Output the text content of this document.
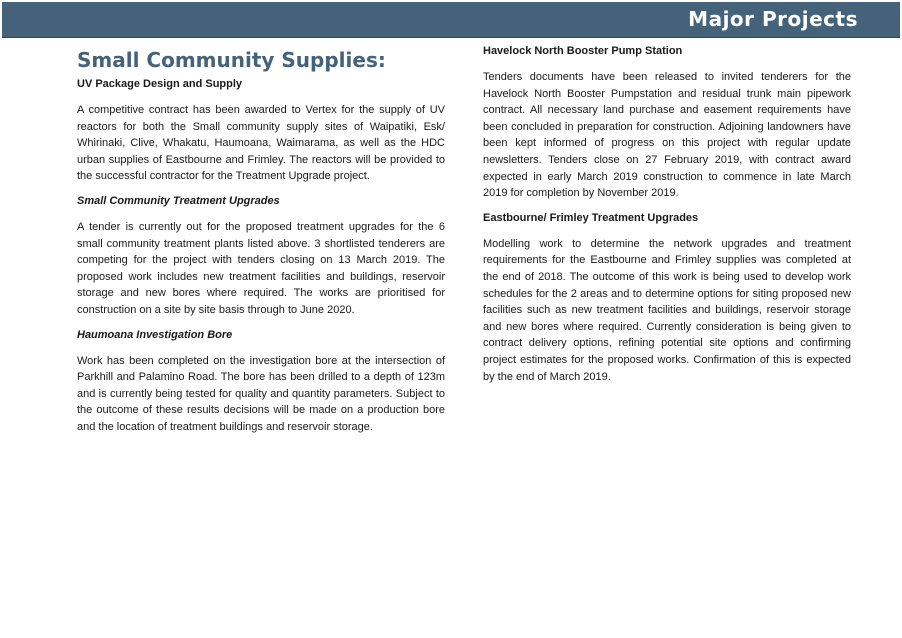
Major Projects
Small Community Supplies:
UV Package Design and Supply
A competitive contract has been awarded to Vertex for the supply of UV reactors for both the Small community supply sites of Waipatiki, Esk/ Whirinaki, Clive, Whakatu, Haumoana, Waimarama, as well as the HDC urban supplies of Eastbourne and Frimley. The reactors will be provided to the successful contractor for the Treatment Upgrade project.
Small Community Treatment Upgrades
A tender is currently out for the proposed treatment upgrades for the 6 small community treatment plants listed above. 3 shortlisted tenderers are competing for the project with tenders closing on 13 March 2019. The proposed work includes new treatment facilities and buildings, reservoir storage and new bores where required. The works are prioritised for construction on a site by site basis through to June 2020.
Haumoana Investigation Bore
Work has been completed on the investigation bore at the intersection of Parkhill and Palamino Road. The bore has been drilled to a depth of 123m and is currently being tested for quality and quantity parameters. Subject to the outcome of these results decisions will be made on a production bore and the location of treatment buildings and reservoir storage.
Havelock North Booster Pump Station
Tenders documents have been released to invited tenderers for the Havelock North Booster Pumpstation and residual trunk main pipework contract. All necessary land purchase and easement requirements have been concluded in preparation for construction. Adjoining landowners have been kept informed of progress on this project with regular update newsletters. Tenders close on 27 February 2019, with contract award expected in early March 2019 construction to commence in late March 2019 for completion by November 2019.
Eastbourne/ Frimley Treatment Upgrades
Modelling work to determine the network upgrades and treatment requirements for the Eastbourne and Frimley supplies was completed at the end of 2018. The outcome of this work is being used to develop work schedules for the 2 areas and to determine options for siting proposed new facilities such as new treatment facilities and buildings, reservoir storage and new bores where required. Currently consideration is being given to contract delivery options, refining potential site options and confirming project estimates for the proposed works. Confirmation of this is expected by the end of March 2019.
